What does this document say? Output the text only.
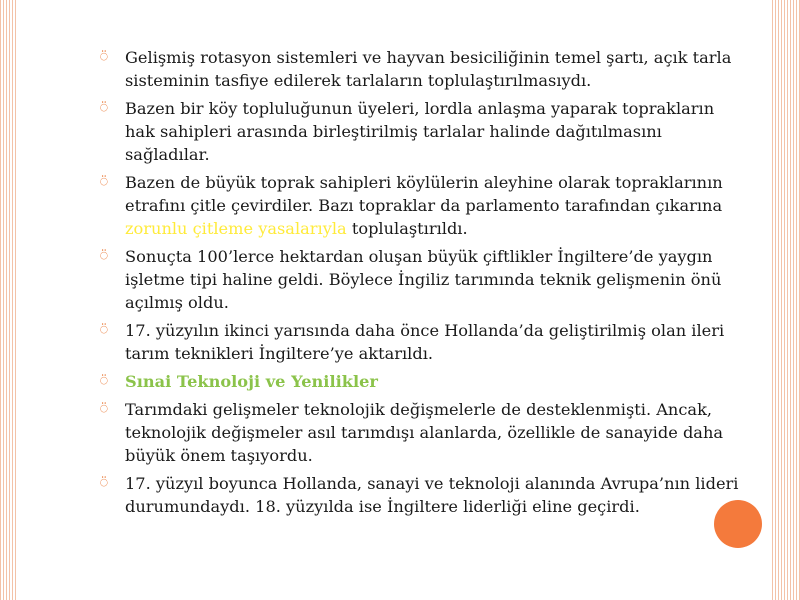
⍥ Gelişmiş rotasyon sistemleri ve hayvan besiciliğinin temel şartı, açık tarla sisteminin tasfiye edilerek tarlaların toplulaştırılmasıydı.
⍥ Bazen bir köy topluluğunun üyeleri, lordla anlaşma yaparak toprakların hak sahipleri arasında birleştirilmiş tarlalar halinde dağıtılmasını sağladılar.
⍥ Bazen de büyük toprak sahipleri köylülerin aleyhine olarak topraklarının etrafını çitle çevirdiler. Bazı topraklar da parlamento tarafından çıkarına zorunlu çitleme yasalarıyla toplulaştırıldı.
⍥ Sonuçta 100’lerce hektardan oluşan büyük çiftlikler İngiltere’de yaygın işletme tipi haline geldi. Böylece İngiliz tarımında teknik gelişmenin önü açılmış oldu.
⍥ 17. yüzyılın ikinci yarısında daha önce Hollanda’da geliştirilmiş olan ileri tarım teknikleri İngiltere’ye aktarıldı.
⍥ Sınai Teknoloji ve Yenilikler
⍥ Tarımdaki gelişmeler teknolojik değişmelerle de desteklenmişti. Ancak, teknolojik değişmeler asıl tarımdışı alanlarda, özellikle de sanayide daha büyük önem taşıyordu.
⍥ 17. yüzyıl boyunca Hollanda, sanayi ve teknoloji alanında Avrupa’nın lideri durumundaydı. 18. yüzyılda ise İngiltere liderliği eline geçirdi.
